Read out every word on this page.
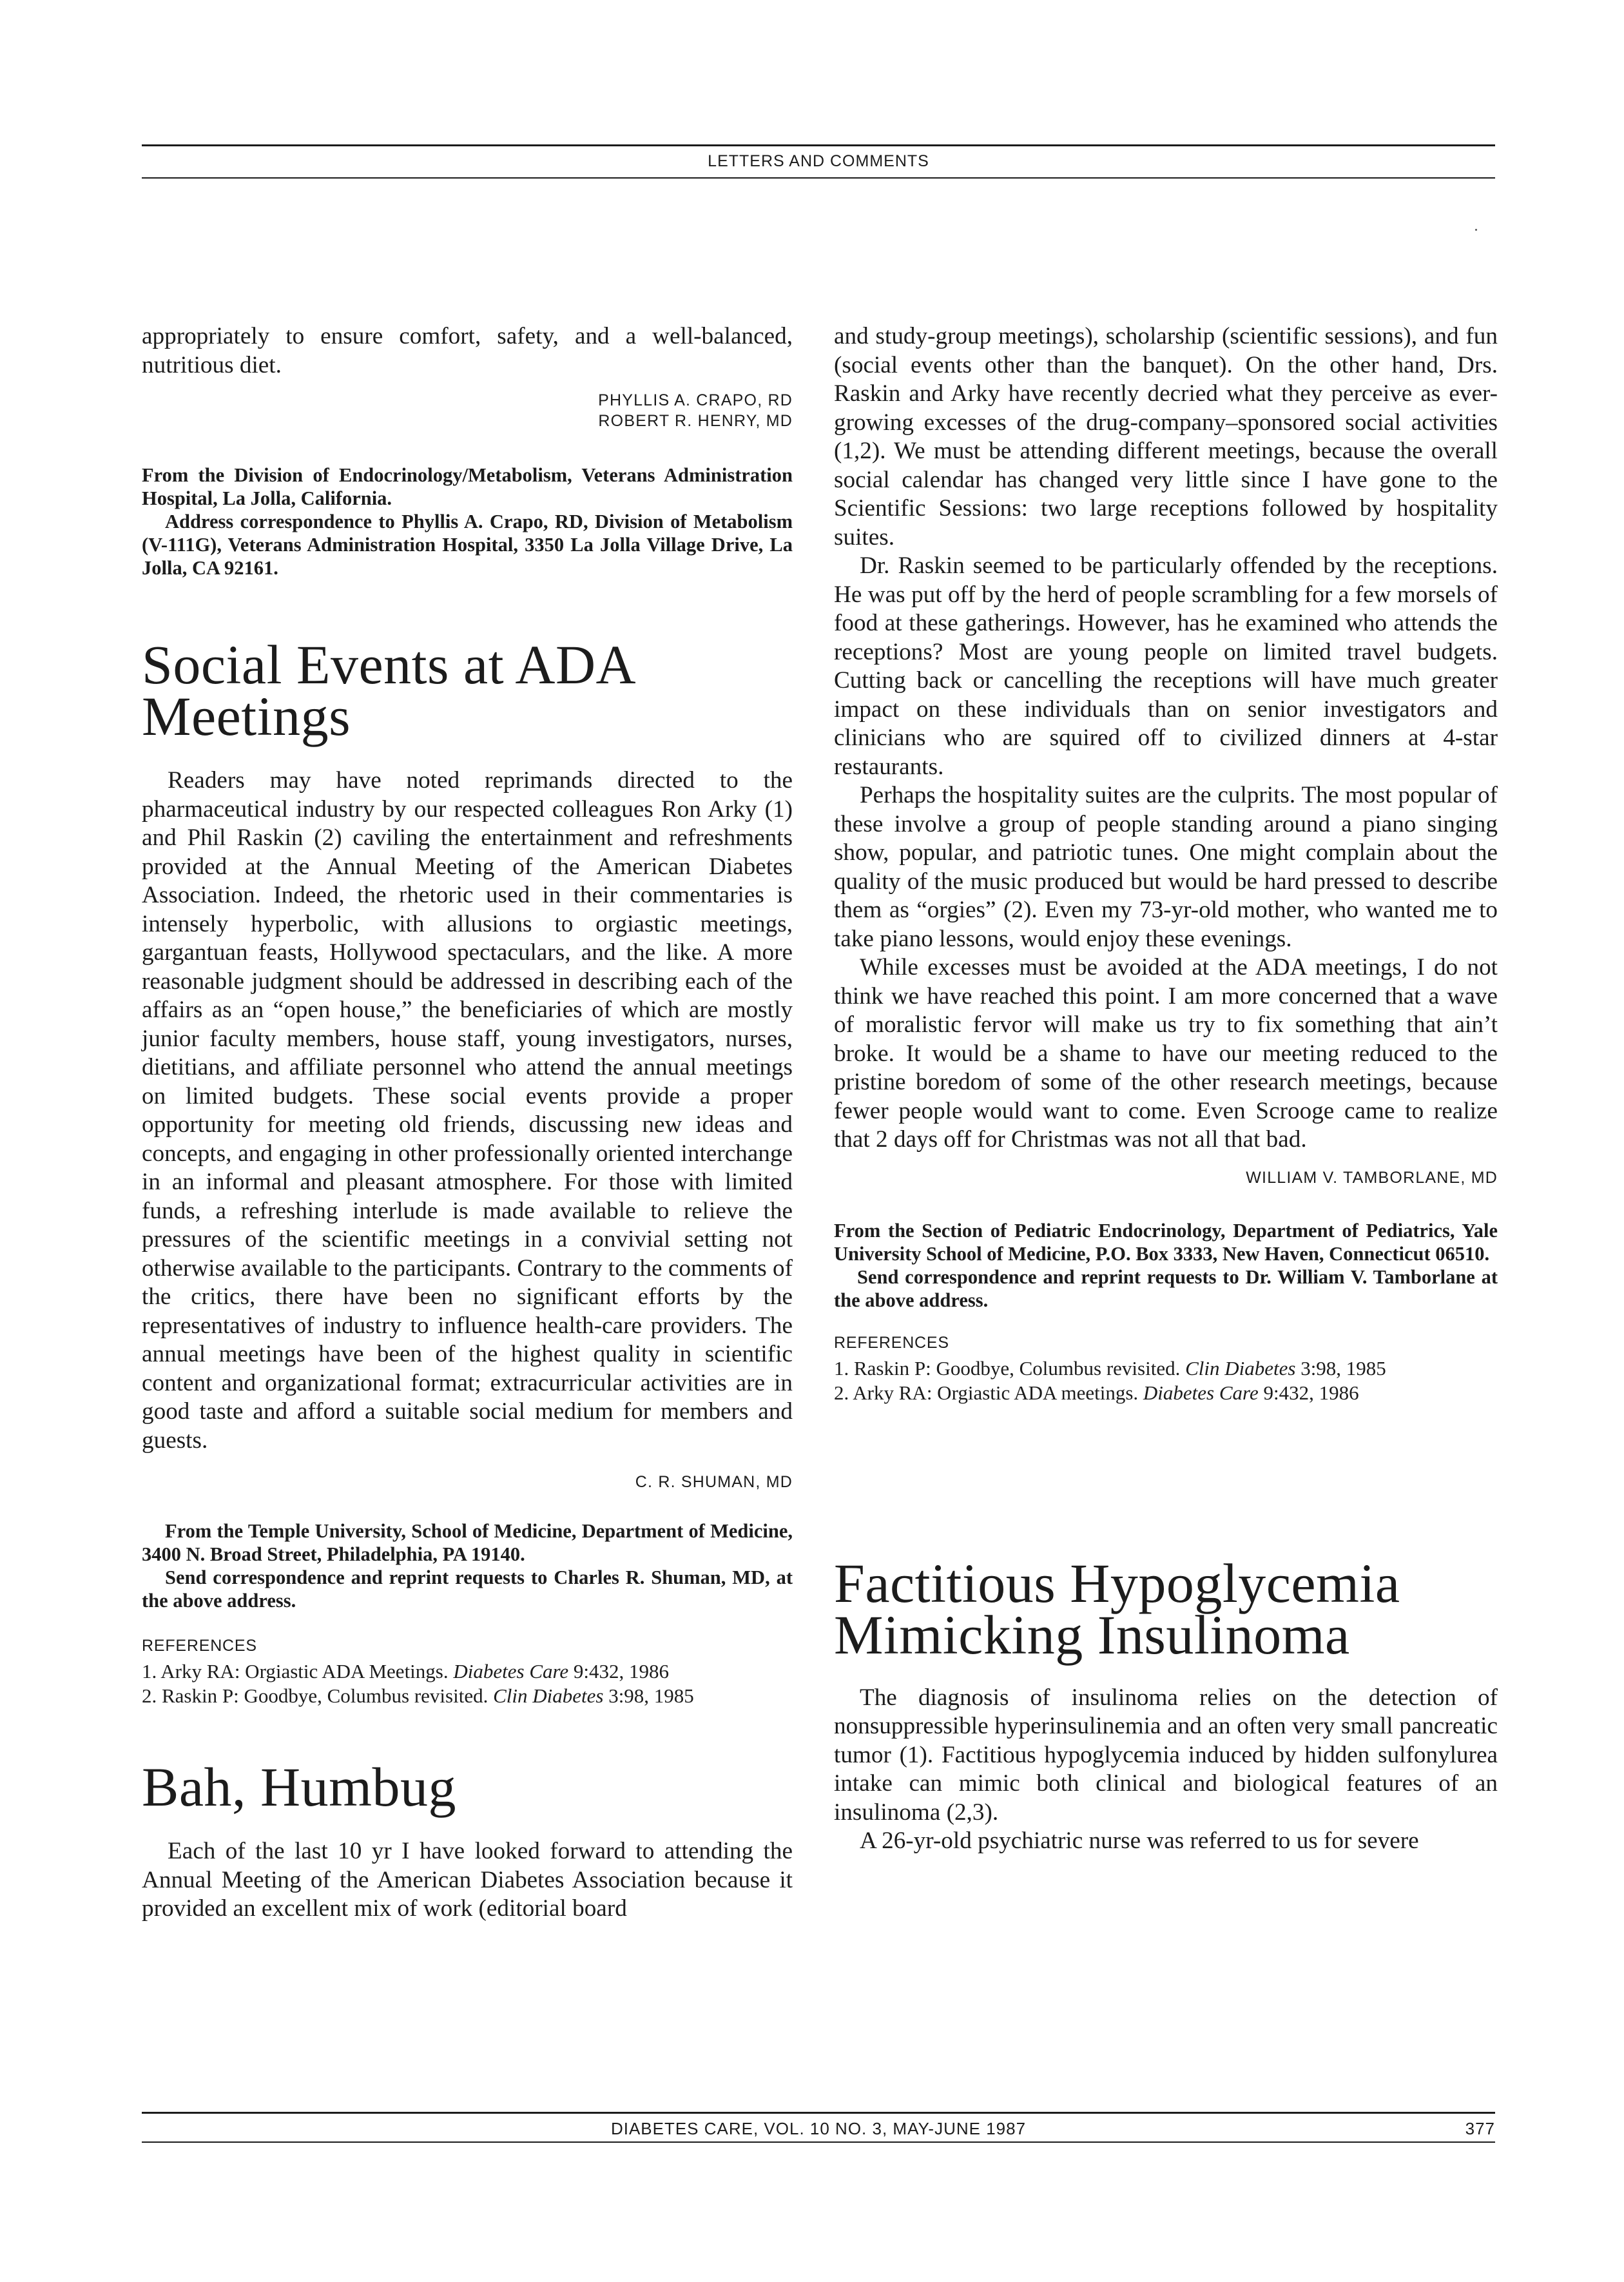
LETTERS AND COMMENTS

appropriately to ensure comfort, safety, and a well-balanced, nutritious diet.

PHYLLIS A. CRAPO, RD

ROBERT R. HENRY, MD

From the Division of Endocrinology/Metabolism, Veterans Administration Hospital, La Jolla, California.

Address correspondence to Phyllis A. Crapo, RD, Division of Metabolism (V-111G), Veterans Administration Hospital, 3350 La Jolla Village Drive, La Jolla, CA 92161.

Social Events at ADA Meetings

Readers may have noted reprimands directed to the pharmaceutical industry by our respected colleagues Ron Arky (1) and Phil Raskin (2) caviling the entertainment and refreshments provided at the Annual Meeting of the American Diabetes Association. Indeed, the rhetoric used in their commentaries is intensely hyperbolic, with allusions to orgiastic meetings, gargantuan feasts, Hollywood spectaculars, and the like. A more reasonable judgment should be addressed in describing each of the affairs as an “open house,” the beneficiaries of which are mostly junior faculty members, house staff, young investigators, nurses, dietitians, and affiliate personnel who attend the annual meetings on limited budgets. These social events provide a proper opportunity for meeting old friends, discussing new ideas and concepts, and engaging in other professionally oriented interchange in an informal and pleasant atmosphere. For those with limited funds, a refreshing interlude is made available to relieve the pressures of the scientific meetings in a convivial setting not otherwise available to the participants. Contrary to the comments of the critics, there have been no significant efforts by the representatives of industry to influence health-care providers. The annual meetings have been of the highest quality in scientific content and organizational format; extracurricular activities are in good taste and afford a suitable social medium for members and guests.

C. R. SHUMAN, MD

From the Temple University, School of Medicine, Department of Medicine, 3400 N. Broad Street, Philadelphia, PA 19140.

Send correspondence and reprint requests to Charles R. Shuman, MD, at the above address.

REFERENCES

1. Arky RA: Orgiastic ADA Meetings. Diabetes Care 9:432, 1986

2. Raskin P: Goodbye, Columbus revisited. Clin Diabetes 3:98, 1985

Bah, Humbug

Each of the last 10 yr I have looked forward to attending the Annual Meeting of the American Diabetes Association because it provided an excellent mix of work (editorial board

and study-group meetings), scholarship (scientific sessions), and fun (social events other than the banquet). On the other hand, Drs. Raskin and Arky have recently decried what they perceive as ever-growing excesses of the drug-company–sponsored social activities (1,2). We must be attending different meetings, because the overall social calendar has changed very little since I have gone to the Scientific Sessions: two large receptions followed by hospitality suites.

Dr. Raskin seemed to be particularly offended by the receptions. He was put off by the herd of people scrambling for a few morsels of food at these gatherings. However, has he examined who attends the receptions? Most are young people on limited travel budgets. Cutting back or cancelling the receptions will have much greater impact on these individuals than on senior investigators and clinicians who are squired off to civilized dinners at 4-star restaurants.

Perhaps the hospitality suites are the culprits. The most popular of these involve a group of people standing around a piano singing show, popular, and patriotic tunes. One might complain about the quality of the music produced but would be hard pressed to describe them as “orgies” (2). Even my 73-yr-old mother, who wanted me to take piano lessons, would enjoy these evenings.

While excesses must be avoided at the ADA meetings, I do not think we have reached this point. I am more concerned that a wave of moralistic fervor will make us try to fix something that ain’t broke. It would be a shame to have our meeting reduced to the pristine boredom of some of the other research meetings, because fewer people would want to come. Even Scrooge came to realize that 2 days off for Christmas was not all that bad.

WILLIAM V. TAMBORLANE, MD

From the Section of Pediatric Endocrinology, Department of Pediatrics, Yale University School of Medicine, P.O. Box 3333, New Haven, Connecticut 06510.

Send correspondence and reprint requests to Dr. William V. Tamborlane at the above address.

REFERENCES

1. Raskin P: Goodbye, Columbus revisited. Clin Diabetes 3:98, 1985

2. Arky RA: Orgiastic ADA meetings. Diabetes Care 9:432, 1986

Factitious Hypoglycemia
Mimicking Insulinoma

The diagnosis of insulinoma relies on the detection of nonsuppressible hyperinsulinemia and an often very small pancreatic tumor (1). Factitious hypoglycemia induced by hidden sulfonylurea intake can mimic both clinical and biological features of an insulinoma (2,3).

A 26-yr-old psychiatric nurse was referred to us for severe

DIABETES CARE, VOL. 10 NO. 3, MAY-JUNE 1987	377
